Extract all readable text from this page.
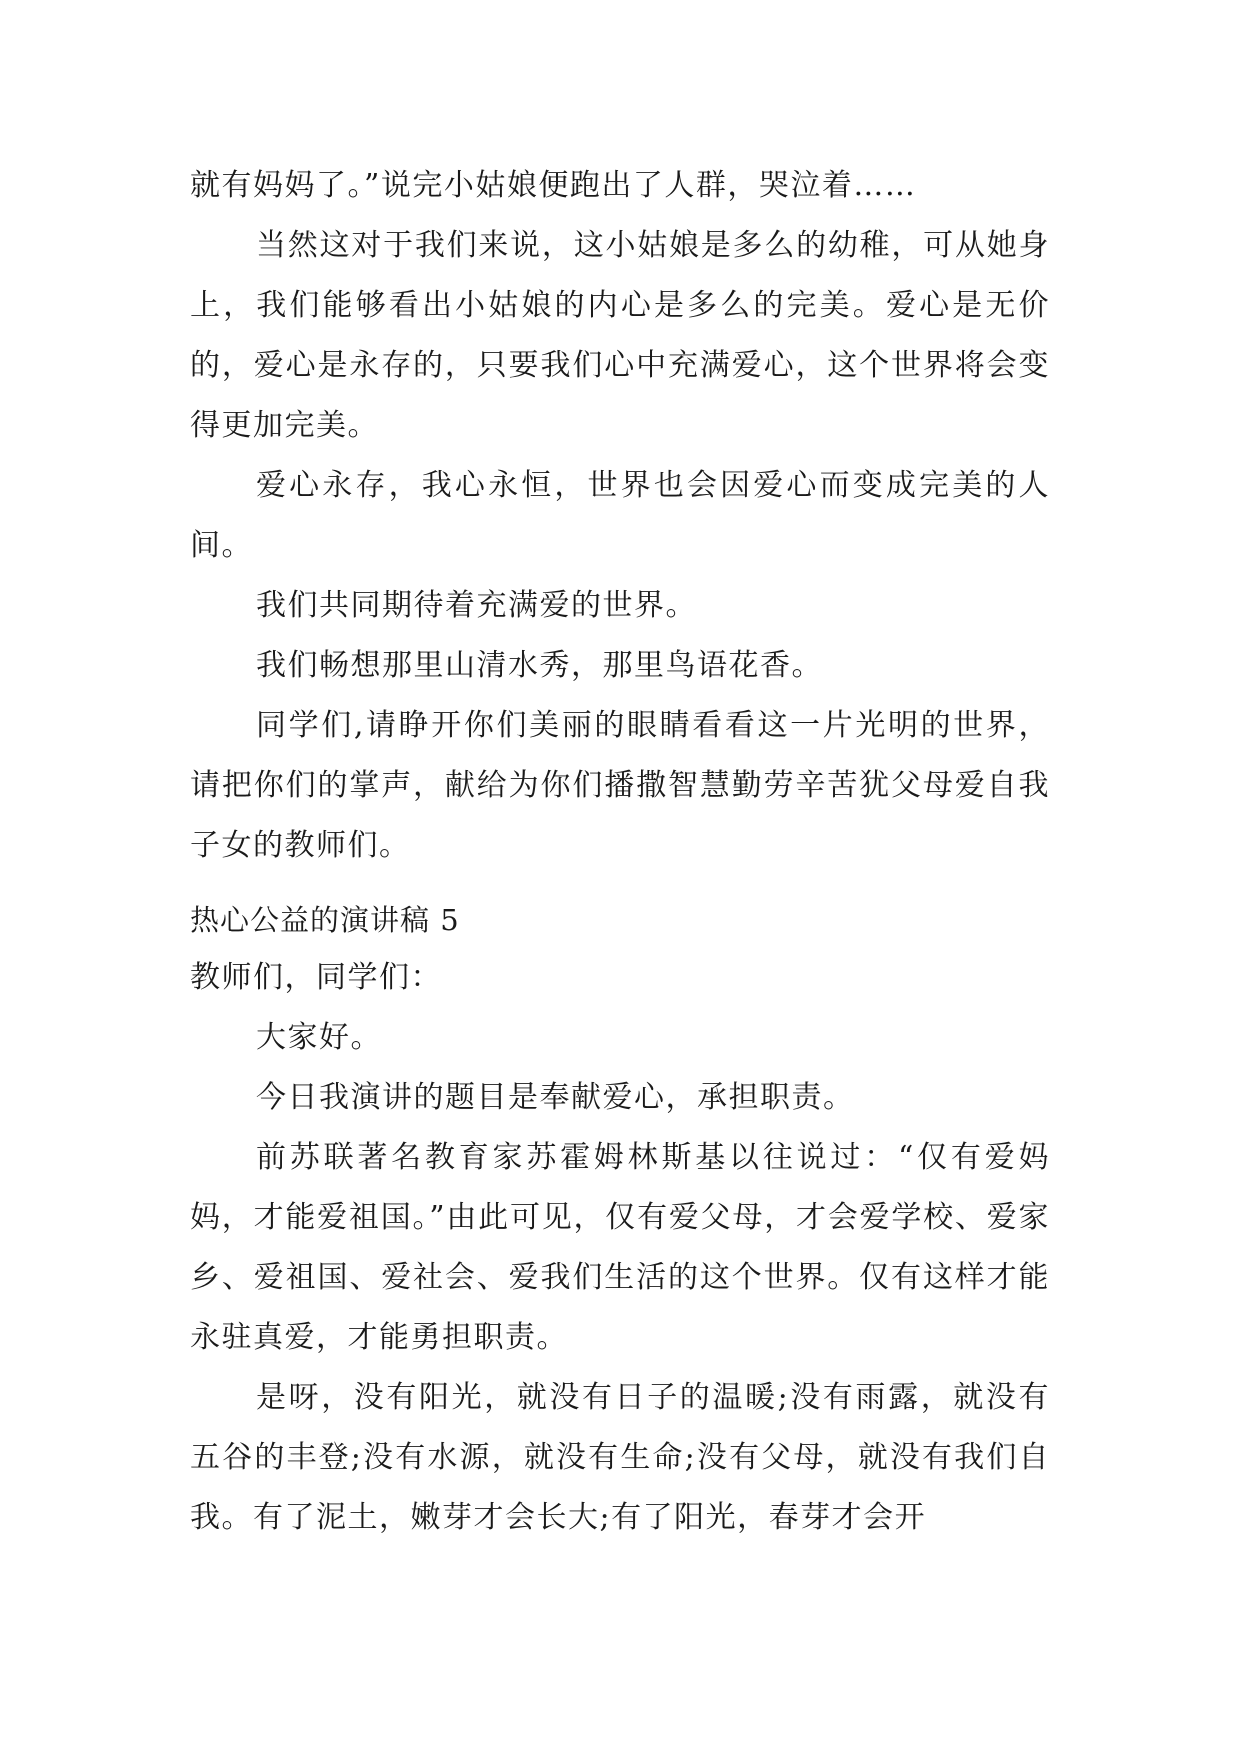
就有妈妈了。”说完小姑娘便跑出了人群，哭泣着……

当然这对于我们来说，这小姑娘是多么的幼稚，可从她身上，我们能够看出小姑娘的内心是多么的完美。爱心是无价的，爱心是永存的，只要我们心中充满爱心，这个世界将会变得更加完美。

爱心永存，我心永恒，世界也会因爱心而变成完美的人间。

我们共同期待着充满爱的世界。

我们畅想那里山清水秀，那里鸟语花香。

同学们,请睁开你们美丽的眼睛看看这一片光明的世界，请把你们的掌声，献给为你们播撒智慧勤劳辛苦犹父母爱自我子女的教师们。

热心公益的演讲稿 5

教师们，同学们：

大家好。

今日我演讲的题目是奉献爱心，承担职责。

前苏联著名教育家苏霍姆林斯基以往说过：“仅有爱妈妈，才能爱祖国。”由此可见，仅有爱父母，才会爱学校、爱家乡、爱祖国、爱社会、爱我们生活的这个世界。仅有这样才能永驻真爱，才能勇担职责。

是呀，没有阳光，就没有日子的温暖;没有雨露，就没有五谷的丰登;没有水源，就没有生命;没有父母，就没有我们自我。有了泥土，嫩芽才会长大;有了阳光，春芽才会开
